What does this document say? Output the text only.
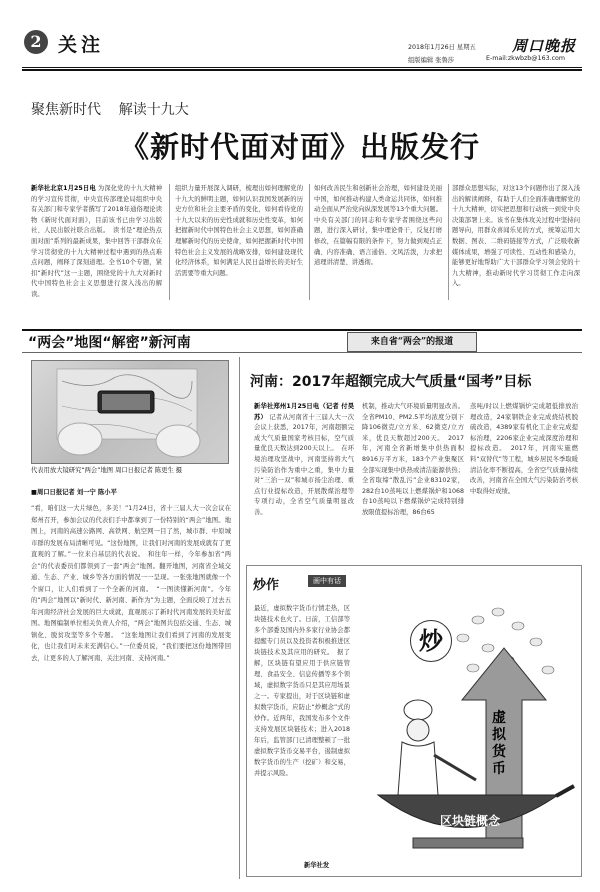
2 关注	2018年1月26日 星期五
组版编辑 张鲁莎
周口晚报
E-mail:zkwbzb@163.com
聚焦新时代    解读十九大
《新时代面对面》出版发行
新华社北京1月25日电 为深化党的十九大精神的学习宣传贯彻，中央宣传部理论局组织中央有关部门和专家学者撰写了2018年通俗理论读物《新时代面对面》，目前该书已由学习出版社、人民出版社联合出版。　读书是“理论热点面对面”系列的最新成果，集中回答干部群众在学习贯彻党的十九大精神过程中遇到的热点难点问题，阐释了深刻道理。全书10个专题，紧扣“新时代”这一主题，围绕党的十九大对新时代中国特色社会主义思想进行深入浅出的解读。
组织力量开展深入调研，梳理出如何理解党的十九大的鲜明主题，如何认识我国发展新的历史方位和社会主要矛盾的变化，如何看待党的十九大以来的历史性成就和历史性变革，如何把握新时代中国特色社会主义思想，如何准确理解新时代的历史使命，如何把握新时代中国特色社会主义发展的战略安排，如何建设现代化经济体系，如何满足人民日益增长的美好生活需要等重大问题。
如何改善民生和创新社会治理，如何建设美丽中国，如何推动构建人类命运共同体，如何推动全面从严治党向纵深发展等13个重大问题。中央有关部门的同志和专家学者围绕这些问题，进行深入研讨，集中理论骨干，反复打磨修改，在篇幅有限的条件下，努力做到观点正确、内容准确、语言通俗、文风活泼，力求把道理讲清楚、讲透彻。
部群众思想实际，对这13个问题作出了深入浅出的解读阐释，有助于人们全面准确理解党的十九大精神，切实把思想和行动统一到党中央决策部署上来。该书在集体攻关过程中坚持问题导向，用群众喜闻乐见的方式，统筹运用大数据、图表、二维码链接等方式，广泛吸收新媒体成果，增强了可读性、互动性和感染力，能够更好地帮助广大干部群众学习领会党的十九大精神，推动新时代学习贯彻工作走向深入。
“两会”地图“解密”新河南	来自省“两会”的报道
代表用放大镜研究“两会”地图 周口日报记者 陈更生 摄
■周口日报记者 刘一宁 陈小平
“看，咱们这一大片绿色，多美！”1月24日，省十三届人大一次会议在郑州召开，参加会议的代表们手中都拿到了一份特别的“两会”地图。地图上，河南的高速公路网、高铁网、航空网一目了然，城市群、中原城市群的发展布局清晰可见。“这份地图，让我们对河南的发展成就有了更直观的了解。”一位来自基层的代表说。　和往年一样，今年参加省“两会”的代表委员们都领到了一套“两会”地图。翻开地图，河南省全域交通、生态、产业、城乡等各方面的情况一一呈现。一张张地图就像一个个窗口，让人们看到了一个全新的河南。　“一图读懂新河南”。今年的“两会”地图以“新时代、新河南、新作为”为主题，全面反映了过去五年河南经济社会发展的巨大成就，直观展示了新时代河南发展的美好蓝图。地图编制单位相关负责人介绍，“两会”地图共包括交通、生态、城镇化、脱贫攻坚等多个专题。　“这张地图让我们看到了河南的发展变化，也让我们对未来充满信心。”一位委员说，“我们要把这份地图带回去，让更多的人了解河南、关注河南、支持河南。”
河南：2017年超额完成大气质量“国考”目标
新华社郑州1月25日电（记者 付昊苏） 记者从河南省十三届人大一次会议上获悉，2017年，河南超额完成大气质量国家考核目标，空气质量优良天数达到200天以上。　在环境治理攻坚战中，河南坚持将大气污染防治作为重中之重，集中力量对“三治一双”和城市扬尘治理、重点行业提标改造，开展散煤治理等专项行动，全省空气质量明显改善。
机制，推动大气环境质量明显改善。全省PM10、PM2.5平均浓度分别下降106微克/立方米、62微克/立方米，优良天数超过200天。　2017年，河南全省新增集中供热面积8916万平方米，183个产业集聚区全部实现集中供热或清洁能源供热；全省取缔“散乱污”企业83102家，282台10蒸吨以上燃煤锅炉和1068台10蒸吨以下燃煤锅炉完成特别排放限值提标治理，86台65
蒸吨/时以上燃煤锅炉完成超低排放治理改造，24家钢铁企业完成烧结机脱硫改造，4389家有机化工企业完成提标治理，2206家企业完成深度治理和提标改造。　2017年，河南实施燃料“双替代”等工程，城乡居民冬季取暖清洁化率不断提高，全省空气质量持续改善，河南省在全国大气污染防治考核中取得好成绩。
炒作	画中有话
最近，虚拟数字货币行情走热，区块链技术也火了。日前，工信部等多个部委及国内外多家行业协会都提醒专门员以及投资者积极推进区块链技术及其应用的研究。　据了解，区块链有望应用于供应链管理、食品安全、信息传播等多个领域，虚拟数字货币只是其应用场景之一。专家提出，对于区块链和虚拟数字货币，应防止“炒概念”式的炒作。近两年，我国发布多个文件支持发展区块链技术；进入2018年后，监管部门已清理整顿了一批虚拟数字货币交易平台，遏制虚拟数字货币的生产（挖矿）和交易，并提示风险。
新华社发
炒
虚拟货币
区块链概念
